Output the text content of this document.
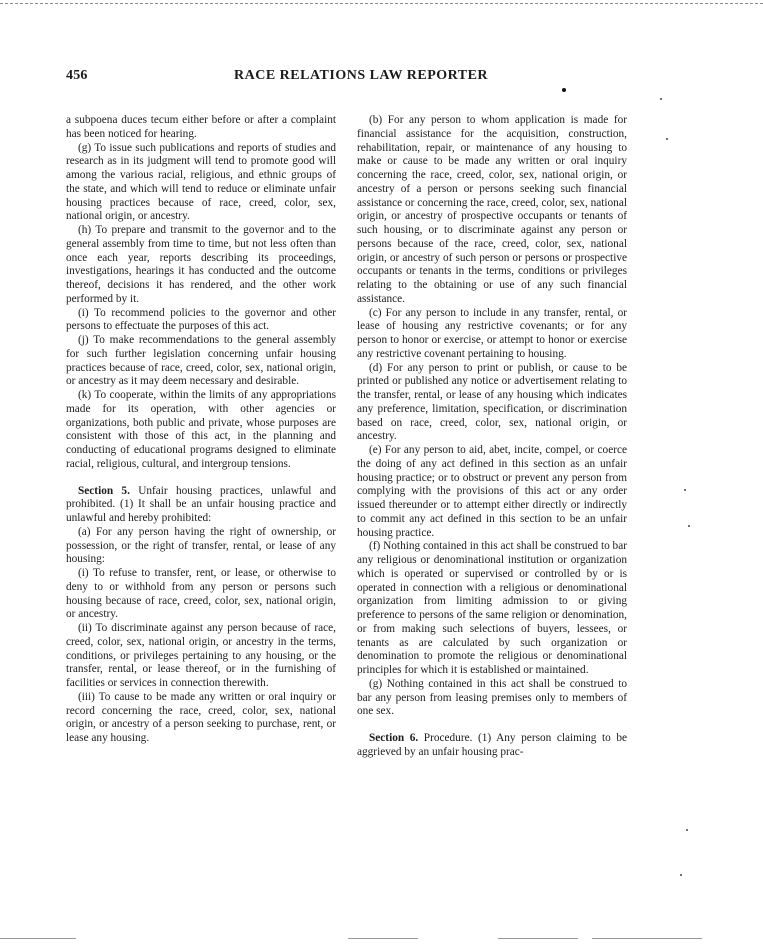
456	RACE RELATIONS LAW REPORTER

a subpoena duces tecum either before or after a complaint has been noticed for hearing.

(g) To issue such publications and reports of studies and research as in its judgment will tend to promote good will among the various racial, religious, and ethnic groups of the state, and which will tend to reduce or eliminate unfair housing practices because of race, creed, color, sex, national origin, or ancestry.

(h) To prepare and transmit to the governor and to the general assembly from time to time, but not less often than once each year, reports describing its proceedings, investigations, hearings it has conducted and the outcome thereof, decisions it has rendered, and the other work performed by it.

(i) To recommend policies to the governor and other persons to effectuate the purposes of this act.

(j) To make recommendations to the general assembly for such further legislation concerning unfair housing practices because of race, creed, color, sex, national origin, or ancestry as it may deem necessary and desirable.

(k) To cooperate, within the limits of any appropriations made for its operation, with other agencies or organizations, both public and private, whose purposes are consistent with those of this act, in the planning and conducting of educational programs designed to eliminate racial, religious, cultural, and intergroup tensions.

Section 5. Unfair housing practices, unlawful and prohibited. (1) It shall be an unfair housing practice and unlawful and hereby prohibited:

(a) For any person having the right of ownership, or possession, or the right of transfer, rental, or lease of any housing:

(i) To refuse to transfer, rent, or lease, or otherwise to deny to or withhold from any person or persons such housing because of race, creed, color, sex, national origin, or ancestry.

(ii) To discriminate against any person because of race, creed, color, sex, national origin, or ancestry in the terms, conditions, or privileges pertaining to any housing, or the transfer, rental, or lease thereof, or in the furnishing of facilities or services in connection therewith.

(iii) To cause to be made any written or oral inquiry or record concerning the race, creed, color, sex, national origin, or ancestry of a person seeking to purchase, rent, or lease any housing.

(b) For any person to whom application is made for financial assistance for the acquisition, construction, rehabilitation, repair, or maintenance of any housing to make or cause to be made any written or oral inquiry concerning the race, creed, color, sex, national origin, or ancestry of a person or persons seeking such financial assistance or concerning the race, creed, color, sex, national origin, or ancestry of prospective occupants or tenants of such housing, or to discriminate against any person or persons because of the race, creed, color, sex, national origin, or ancestry of such person or persons or prospective occupants or tenants in the terms, conditions or privileges relating to the obtaining or use of any such financial assistance.

(c) For any person to include in any transfer, rental, or lease of housing any restrictive covenants; or for any person to honor or exercise, or attempt to honor or exercise any restrictive covenant pertaining to housing.

(d) For any person to print or publish, or cause to be printed or published any notice or advertisement relating to the transfer, rental, or lease of any housing which indicates any preference, limitation, specification, or discrimination based on race, creed, color, sex, national origin, or ancestry.

(e) For any person to aid, abet, incite, compel, or coerce the doing of any act defined in this section as an unfair housing practice; or to obstruct or prevent any person from complying with the provisions of this act or any order issued thereunder or to attempt either directly or indirectly to commit any act defined in this section to be an unfair housing practice.

(f) Nothing contained in this act shall be construed to bar any religious or denominational institution or organization which is operated or supervised or controlled by or is operated in connection with a religious or denominational organization from limiting admission to or giving preference to persons of the same religion or denomination, or from making such selections of buyers, lessees, or tenants as are calculated by such organization or denomination to promote the religious or denominational principles for which it is established or maintained.

(g) Nothing contained in this act shall be construed to bar any person from leasing premises only to members of one sex.

Section 6. Procedure. (1) Any person claiming to be aggrieved by an unfair housing prac-
